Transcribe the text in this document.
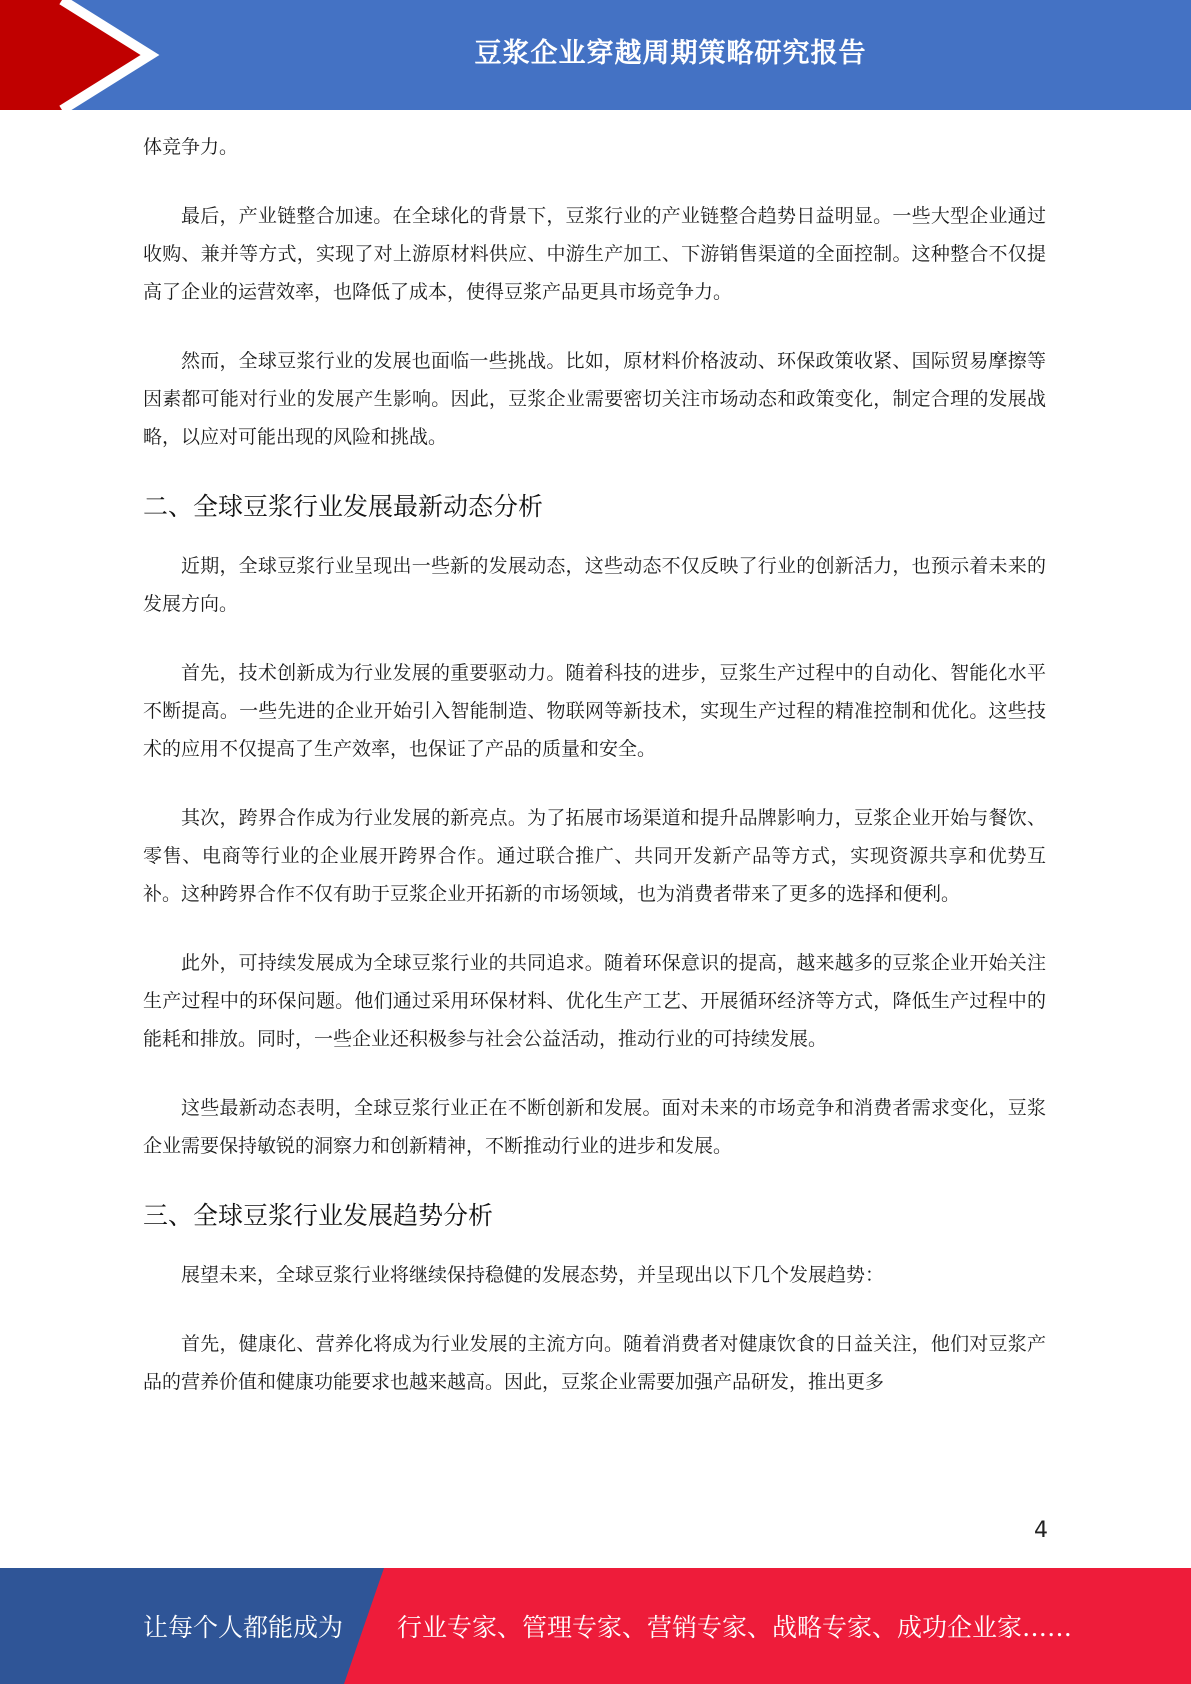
豆浆企业穿越周期策略研究报告

体竞争力。

最后，产业链整合加速。在全球化的背景下，豆浆行业的产业链整合趋势日益明显。一些大型企业通过收购、兼并等方式，实现了对上游原材料供应、中游生产加工、下游销售渠道的全面控制。这种整合不仅提高了企业的运营效率，也降低了成本，使得豆浆产品更具市场竞争力。

然而，全球豆浆行业的发展也面临一些挑战。比如，原材料价格波动、环保政策收紧、国际贸易摩擦等因素都可能对行业的发展产生影响。因此，豆浆企业需要密切关注市场动态和政策变化，制定合理的发展战略，以应对可能出现的风险和挑战。

二、全球豆浆行业发展最新动态分析

近期，全球豆浆行业呈现出一些新的发展动态，这些动态不仅反映了行业的创新活力，也预示着未来的发展方向。

首先，技术创新成为行业发展的重要驱动力。随着科技的进步，豆浆生产过程中的自动化、智能化水平不断提高。一些先进的企业开始引入智能制造、物联网等新技术，实现生产过程的精准控制和优化。这些技术的应用不仅提高了生产效率，也保证了产品的质量和安全。

其次，跨界合作成为行业发展的新亮点。为了拓展市场渠道和提升品牌影响力，豆浆企业开始与餐饮、零售、电商等行业的企业展开跨界合作。通过联合推广、共同开发新产品等方式，实现资源共享和优势互补。这种跨界合作不仅有助于豆浆企业开拓新的市场领域，也为消费者带来了更多的选择和便利。

此外，可持续发展成为全球豆浆行业的共同追求。随着环保意识的提高，越来越多的豆浆企业开始关注生产过程中的环保问题。他们通过采用环保材料、优化生产工艺、开展循环经济等方式，降低生产过程中的能耗和排放。同时，一些企业还积极参与社会公益活动，推动行业的可持续发展。

这些最新动态表明，全球豆浆行业正在不断创新和发展。面对未来的市场竞争和消费者需求变化，豆浆企业需要保持敏锐的洞察力和创新精神，不断推动行业的进步和发展。

三、全球豆浆行业发展趋势分析

展望未来，全球豆浆行业将继续保持稳健的发展态势，并呈现出以下几个发展趋势：

首先，健康化、营养化将成为行业发展的主流方向。随着消费者对健康饮食的日益关注，他们对豆浆产品的营养价值和健康功能要求也越来越高。因此，豆浆企业需要加强产品研发，推出更多

4
让每个人都能成为 行业专家、管理专家、营销专家、战略专家、成功企业家……
